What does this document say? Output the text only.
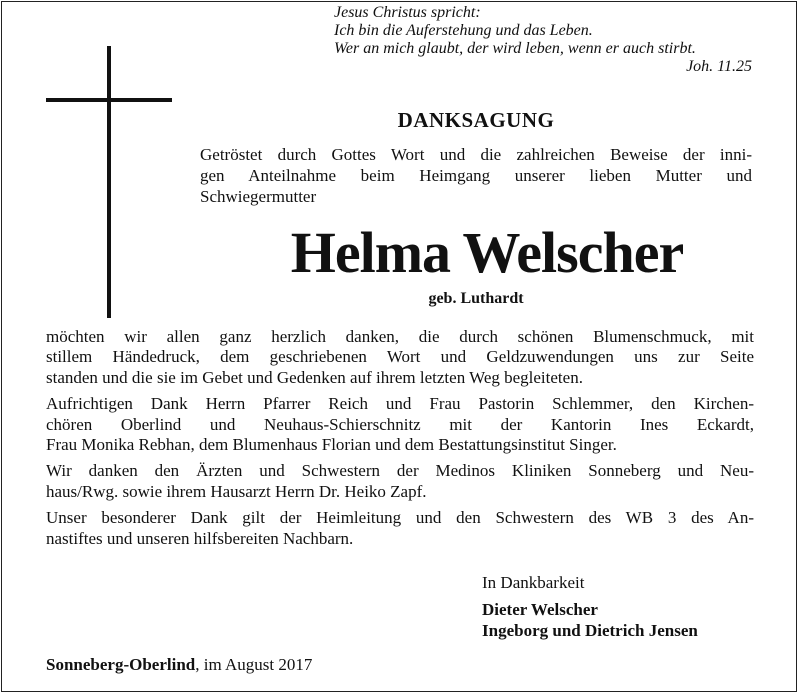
Jesus Christus spricht:
Ich bin die Auferstehung und das Leben.
Wer an mich glaubt, der wird leben, wenn er auch stirbt.
Joh. 11.25
DANKSAGUNG
Getröstet durch Gottes Wort und die zahlreichen Beweise der inni-
gen Anteilnahme beim Heimgang unserer lieben Mutter und
Schwiegermutter
Helma Welscher
geb. Luthardt

möchten wir allen ganz herzlich danken, die durch schönen Blumenschmuck, mit
stillem Händedruck, dem geschriebenen Wort und Geldzuwendungen uns zur Seite
standen und die sie im Gebet und Gedenken auf ihrem letzten Weg begleiteten.

Aufrichtigen Dank Herrn Pfarrer Reich und Frau Pastorin Schlemmer, den Kirchen-
chören Oberlind und Neuhaus-Schierschnitz mit der Kantorin Ines Eckardt,
Frau Monika Rebhan, dem Blumenhaus Florian und dem Bestattungsinstitut Singer.

Wir danken den Ärzten und Schwestern der Medinos Kliniken Sonneberg und Neu-
haus/Rwg. sowie ihrem Hausarzt Herrn Dr. Heiko Zapf.

Unser besonderer Dank gilt der Heimleitung und den Schwestern des WB 3 des An-
nastiftes und unseren hilfsbereiten Nachbarn.

In Dankbarkeit
Dieter Welscher
Ingeborg und Dietrich Jensen
Sonneberg-Oberlind, im August 2017
